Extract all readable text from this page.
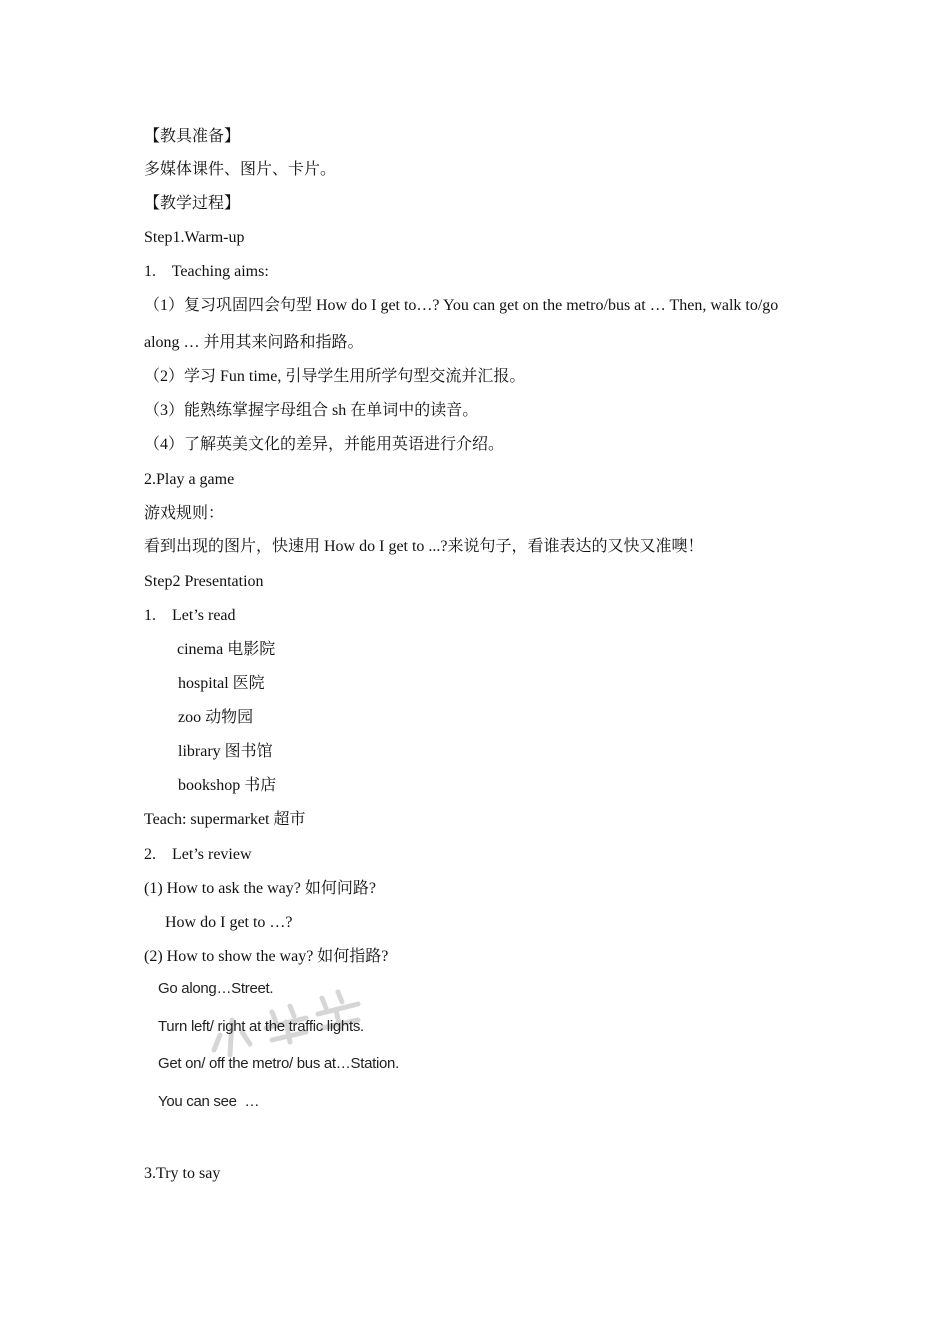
【教具准备】
多媒体课件、图片、卡片。
【教学过程】
Step1.Warm-up
1.    Teaching aims:
（1）复习巩固四会句型 How do I get to…? You can get on the metro/bus at … Then, walk to/go
along … 并用其来问路和指路。
（2）学习 Fun time, 引导学生用所学句型交流并汇报。
（3）能熟练掌握字母组合 sh 在单词中的读音。
（4）了解英美文化的差异，并能用英语进行介绍。
2.Play a game
游戏规则：
看到出现的图片，快速用 How do I get to ...?来说句子，看谁表达的又快又准噢！
Step2 Presentation
1.    Let’s read
cinema 电影院
hospital 医院
zoo 动物园
library 图书馆
bookshop 书店
Teach: supermarket 超市
2.    Let’s review
(1) How to ask the way? 如何问路?
How do I get to …?
(2) How to show the way? 如何指路?
Go along…Street.
Turn left/ right at the traffic lights.
Get on/ off the metro/ bus at…Station.
You can see  …
3.Try to say
